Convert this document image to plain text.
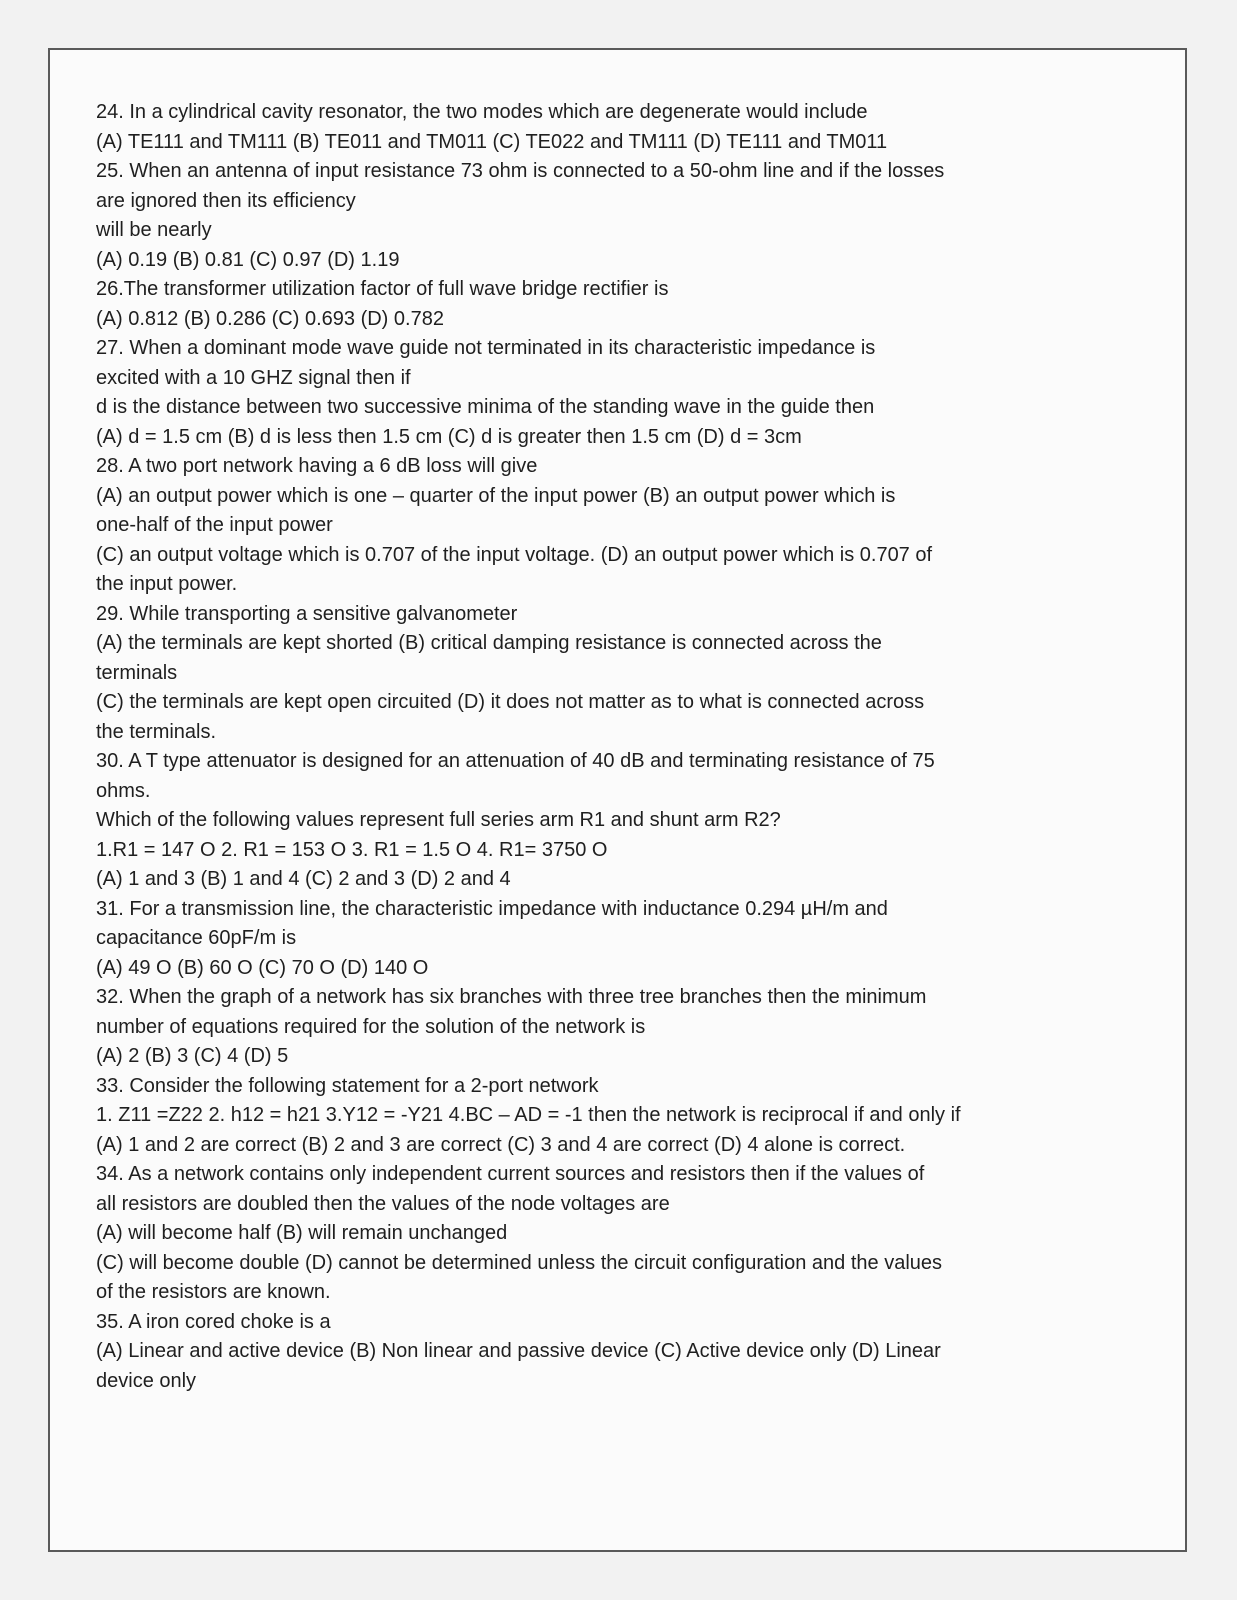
24. In a cylindrical cavity resonator, the two modes which are degenerate would include
(A) TE111 and TM111 (B) TE011 and TM011 (C) TE022 and TM111 (D) TE111 and TM011
25. When an antenna of input resistance 73 ohm is connected to a 50-ohm line and if the losses
are ignored then its efficiency
will be nearly
(A) 0.19 (B) 0.81 (C) 0.97 (D) 1.19
26.The transformer utilization factor of full wave bridge rectifier is
(A) 0.812 (B) 0.286 (C) 0.693 (D) 0.782
27. When a dominant mode wave guide not terminated in its characteristic impedance is
excited with a 10 GHZ signal then if
d is the distance between two successive minima of the standing wave in the guide then
(A) d = 1.5 cm (B) d is less then 1.5 cm (C) d is greater then 1.5 cm (D) d = 3cm
28. A two port network having a 6 dB loss will give
(A) an output power which is one – quarter of the input power (B) an output power which is
one-half of the input power
(C) an output voltage which is 0.707 of the input voltage. (D) an output power which is 0.707 of
the input power.
29. While transporting a sensitive galvanometer
(A) the terminals are kept shorted (B) critical damping resistance is connected across the
terminals
(C) the terminals are kept open circuited (D) it does not matter as to what is connected across
the terminals.
30. A T type attenuator is designed for an attenuation of 40 dB and terminating resistance of 75
ohms.
Which of the following values represent full series arm R1 and shunt arm R2?
1.R1 = 147 O 2. R1 = 153 O 3. R1 = 1.5 O 4. R1= 3750 O
(A) 1 and 3 (B) 1 and 4 (C) 2 and 3 (D) 2 and 4
31. For a transmission line, the characteristic impedance with inductance 0.294 µH/m and
capacitance 60pF/m is
(A) 49 O (B) 60 O (C) 70 O (D) 140 O
32. When the graph of a network has six branches with three tree branches then the minimum
number of equations required for the solution of the network is
(A) 2 (B) 3 (C) 4 (D) 5
33. Consider the following statement for a 2-port network
1. Z11 =Z22 2. h12 = h21 3.Y12 = -Y21 4.BC – AD = -1 then the network is reciprocal if and only if
(A) 1 and 2 are correct (B) 2 and 3 are correct (C) 3 and 4 are correct (D) 4 alone is correct.
34. As a network contains only independent current sources and resistors then if the values of
all resistors are doubled then the values of the node voltages are
(A) will become half (B) will remain unchanged
(C) will become double (D) cannot be determined unless the circuit configuration and the values
of the resistors are known.
35. A iron cored choke is a
(A) Linear and active device (B) Non linear and passive device (C) Active device only (D) Linear
device only
